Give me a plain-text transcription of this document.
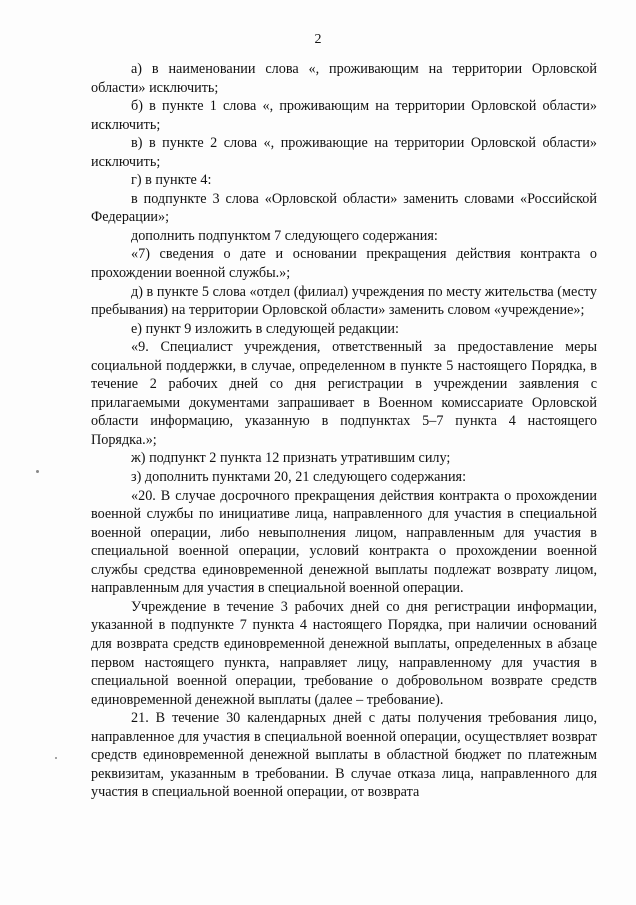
2

а) в наименовании слова «, проживающим на территории Орловской области» исключить;

б) в пункте 1 слова «, проживающим на территории Орловской области» исключить;

в) в пункте 2 слова «, проживающие на территории Орловской области» исключить;

г) в пункте 4:

в подпункте 3 слова «Орловской области» заменить словами «Российской Федерации»;

дополнить подпунктом 7 следующего содержания:

«7) сведения о дате и основании прекращения действия контракта о прохождении военной службы.»;

д) в пункте 5 слова «отдел (филиал) учреждения по месту жительства (месту пребывания) на территории Орловской области» заменить словом «учреждение»;

е) пункт 9 изложить в следующей редакции:

«9. Специалист учреждения, ответственный за предоставление меры социальной поддержки, в случае, определенном в пункте 5 настоящего Порядка, в течение 2 рабочих дней со дня регистрации в учреждении заявления с прилагаемыми документами запрашивает в Военном комиссариате Орловской области информацию, указанную в подпунктах 5–7 пункта 4 настоящего Порядка.»;

ж) подпункт 2 пункта 12 признать утратившим силу;

з) дополнить пунктами 20, 21 следующего содержания:

«20. В случае досрочного прекращения действия контракта о прохождении военной службы по инициативе лица, направленного для участия в специальной военной операции, либо невыполнения лицом, направленным для участия в специальной военной операции, условий контракта о прохождении военной службы средства единовременной денежной выплаты подлежат возврату лицом, направленным для участия в специальной военной операции.

Учреждение в течение 3 рабочих дней со дня регистрации информации, указанной в подпункте 7 пункта 4 настоящего Порядка, при наличии оснований для возврата средств единовременной денежной выплаты, определенных в абзаце первом настоящего пункта, направляет лицу, направленному для участия в специальной военной операции, требование о добровольном возврате средств единовременной денежной выплаты (далее – требование).

21. В течение 30 календарных дней с даты получения требования лицо, направленное для участия в специальной военной операции, осуществляет возврат средств единовременной денежной выплаты в областной бюджет по платежным реквизитам, указанным в требовании. В случае отказа лица, направленного для участия в специальной военной операции, от возврата
